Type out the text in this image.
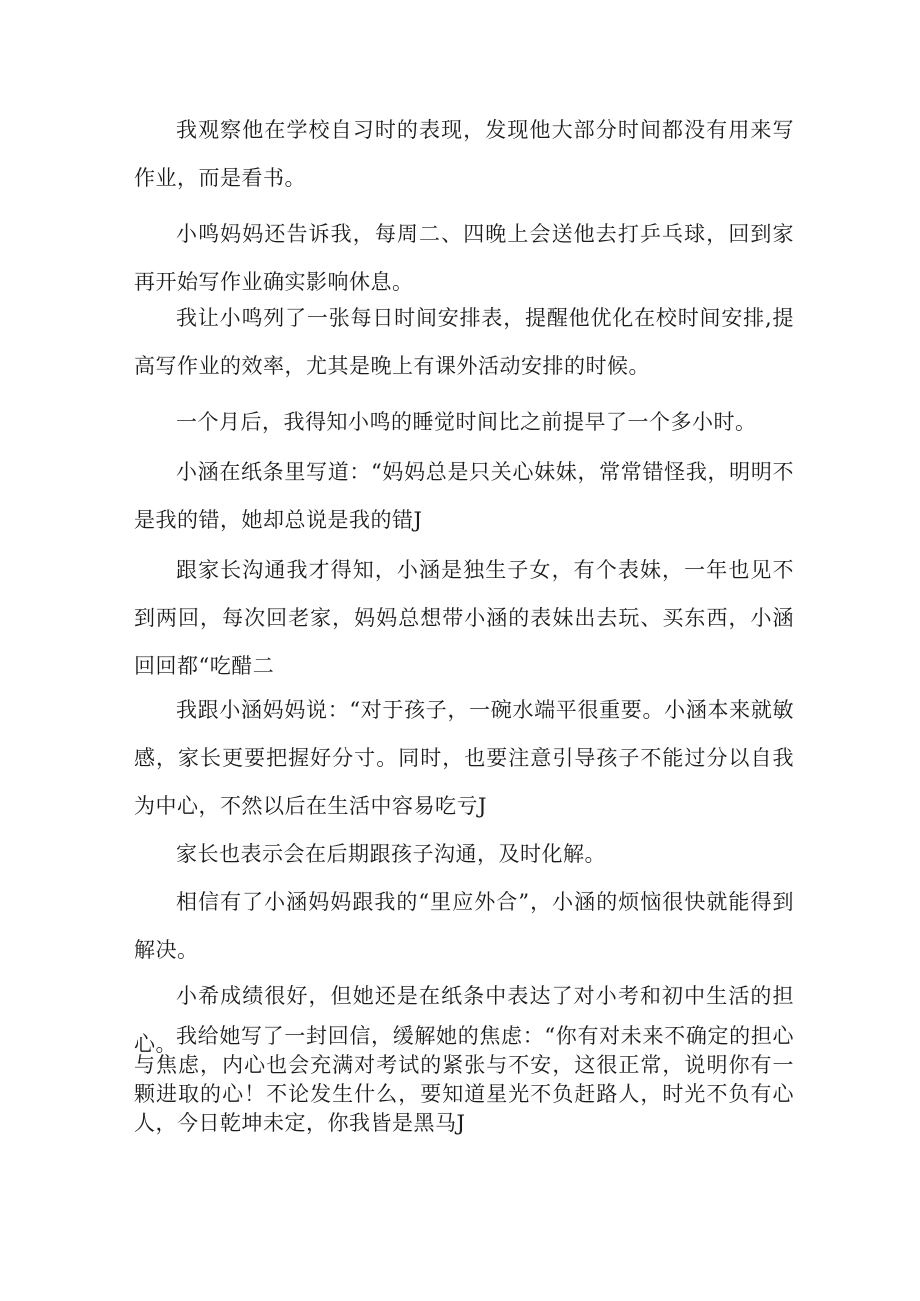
我观察他在学校自习时的表现，发现他大部分时间都没有用来写作业，而是看书。

小鸣妈妈还告诉我，每周二、四晚上会送他去打乒乓球，回到家再开始写作业确实影响休息。

我让小鸣列了一张每日时间安排表，提醒他优化在校时间安排,提高写作业的效率，尤其是晚上有课外活动安排的时候。

一个月后，我得知小鸣的睡觉时间比之前提早了一个多小时。

小涵在纸条里写道：“妈妈总是只关心妹妹，常常错怪我，明明不是我的错，她却总说是我的错J

跟家长沟通我才得知，小涵是独生子女，有个表妹，一年也见不到两回，每次回老家，妈妈总想带小涵的表妹出去玩、买东西，小涵回回都“吃醋二

我跟小涵妈妈说：“对于孩子，一碗水端平很重要。小涵本来就敏感，家长更要把握好分寸。同时，也要注意引导孩子不能过分以自我为中心，不然以后在生活中容易吃亏J

家长也表示会在后期跟孩子沟通，及时化解。

相信有了小涵妈妈跟我的“里应外合”，小涵的烦恼很快就能得到解决。

小希成绩很好，但她还是在纸条中表达了对小考和初中生活的担心。 我给她写了一封回信，缓解她的焦虑：“你有对未来不确定的担心与焦虑，内心也会充满对考试的紧张与不安，这很正常，说明你有一颗进取的心！不论发生什么，要知道星光不负赶路人，时光不负有心人，今日乾坤未定，你我皆是黑马J
